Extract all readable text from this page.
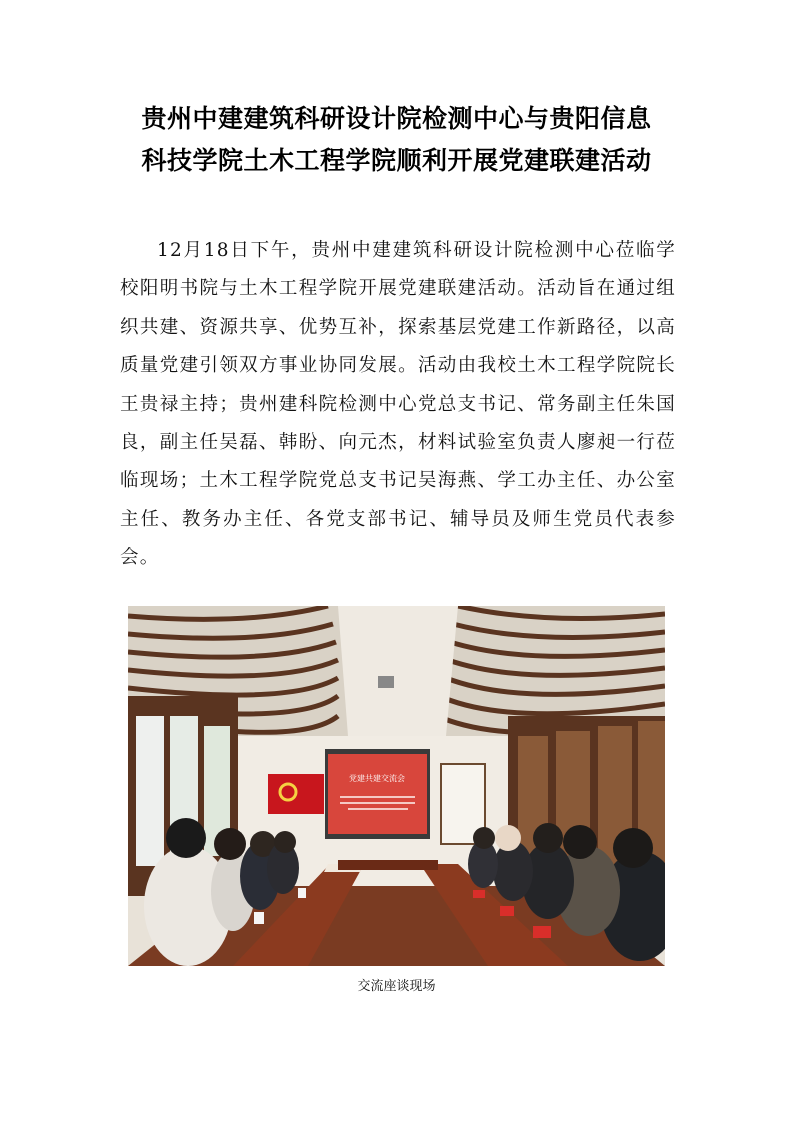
贵州中建建筑科研设计院检测中心与贵阳信息
科技学院土木工程学院顺利开展党建联建活动

12月18日下午，贵州中建建筑科研设计院检测中心莅临学校阳明书院与土木工程学院开展党建联建活动。活动旨在通过组织共建、资源共享、优势互补，探索基层党建工作新路径，以高质量党建引领双方事业协同发展。活动由我校土木工程学院院长王贵禄主持；贵州建科院检测中心党总支书记、常务副主任朱国良，副主任吴磊、韩盼、向元杰，材料试验室负责人廖昶一行莅临现场；土木工程学院党总支书记吴海燕、学工办主任、办公室主任、教务办主任、各党支部书记、辅导员及师生党员代表参会。

党建共建交流会
交流座谈现场
